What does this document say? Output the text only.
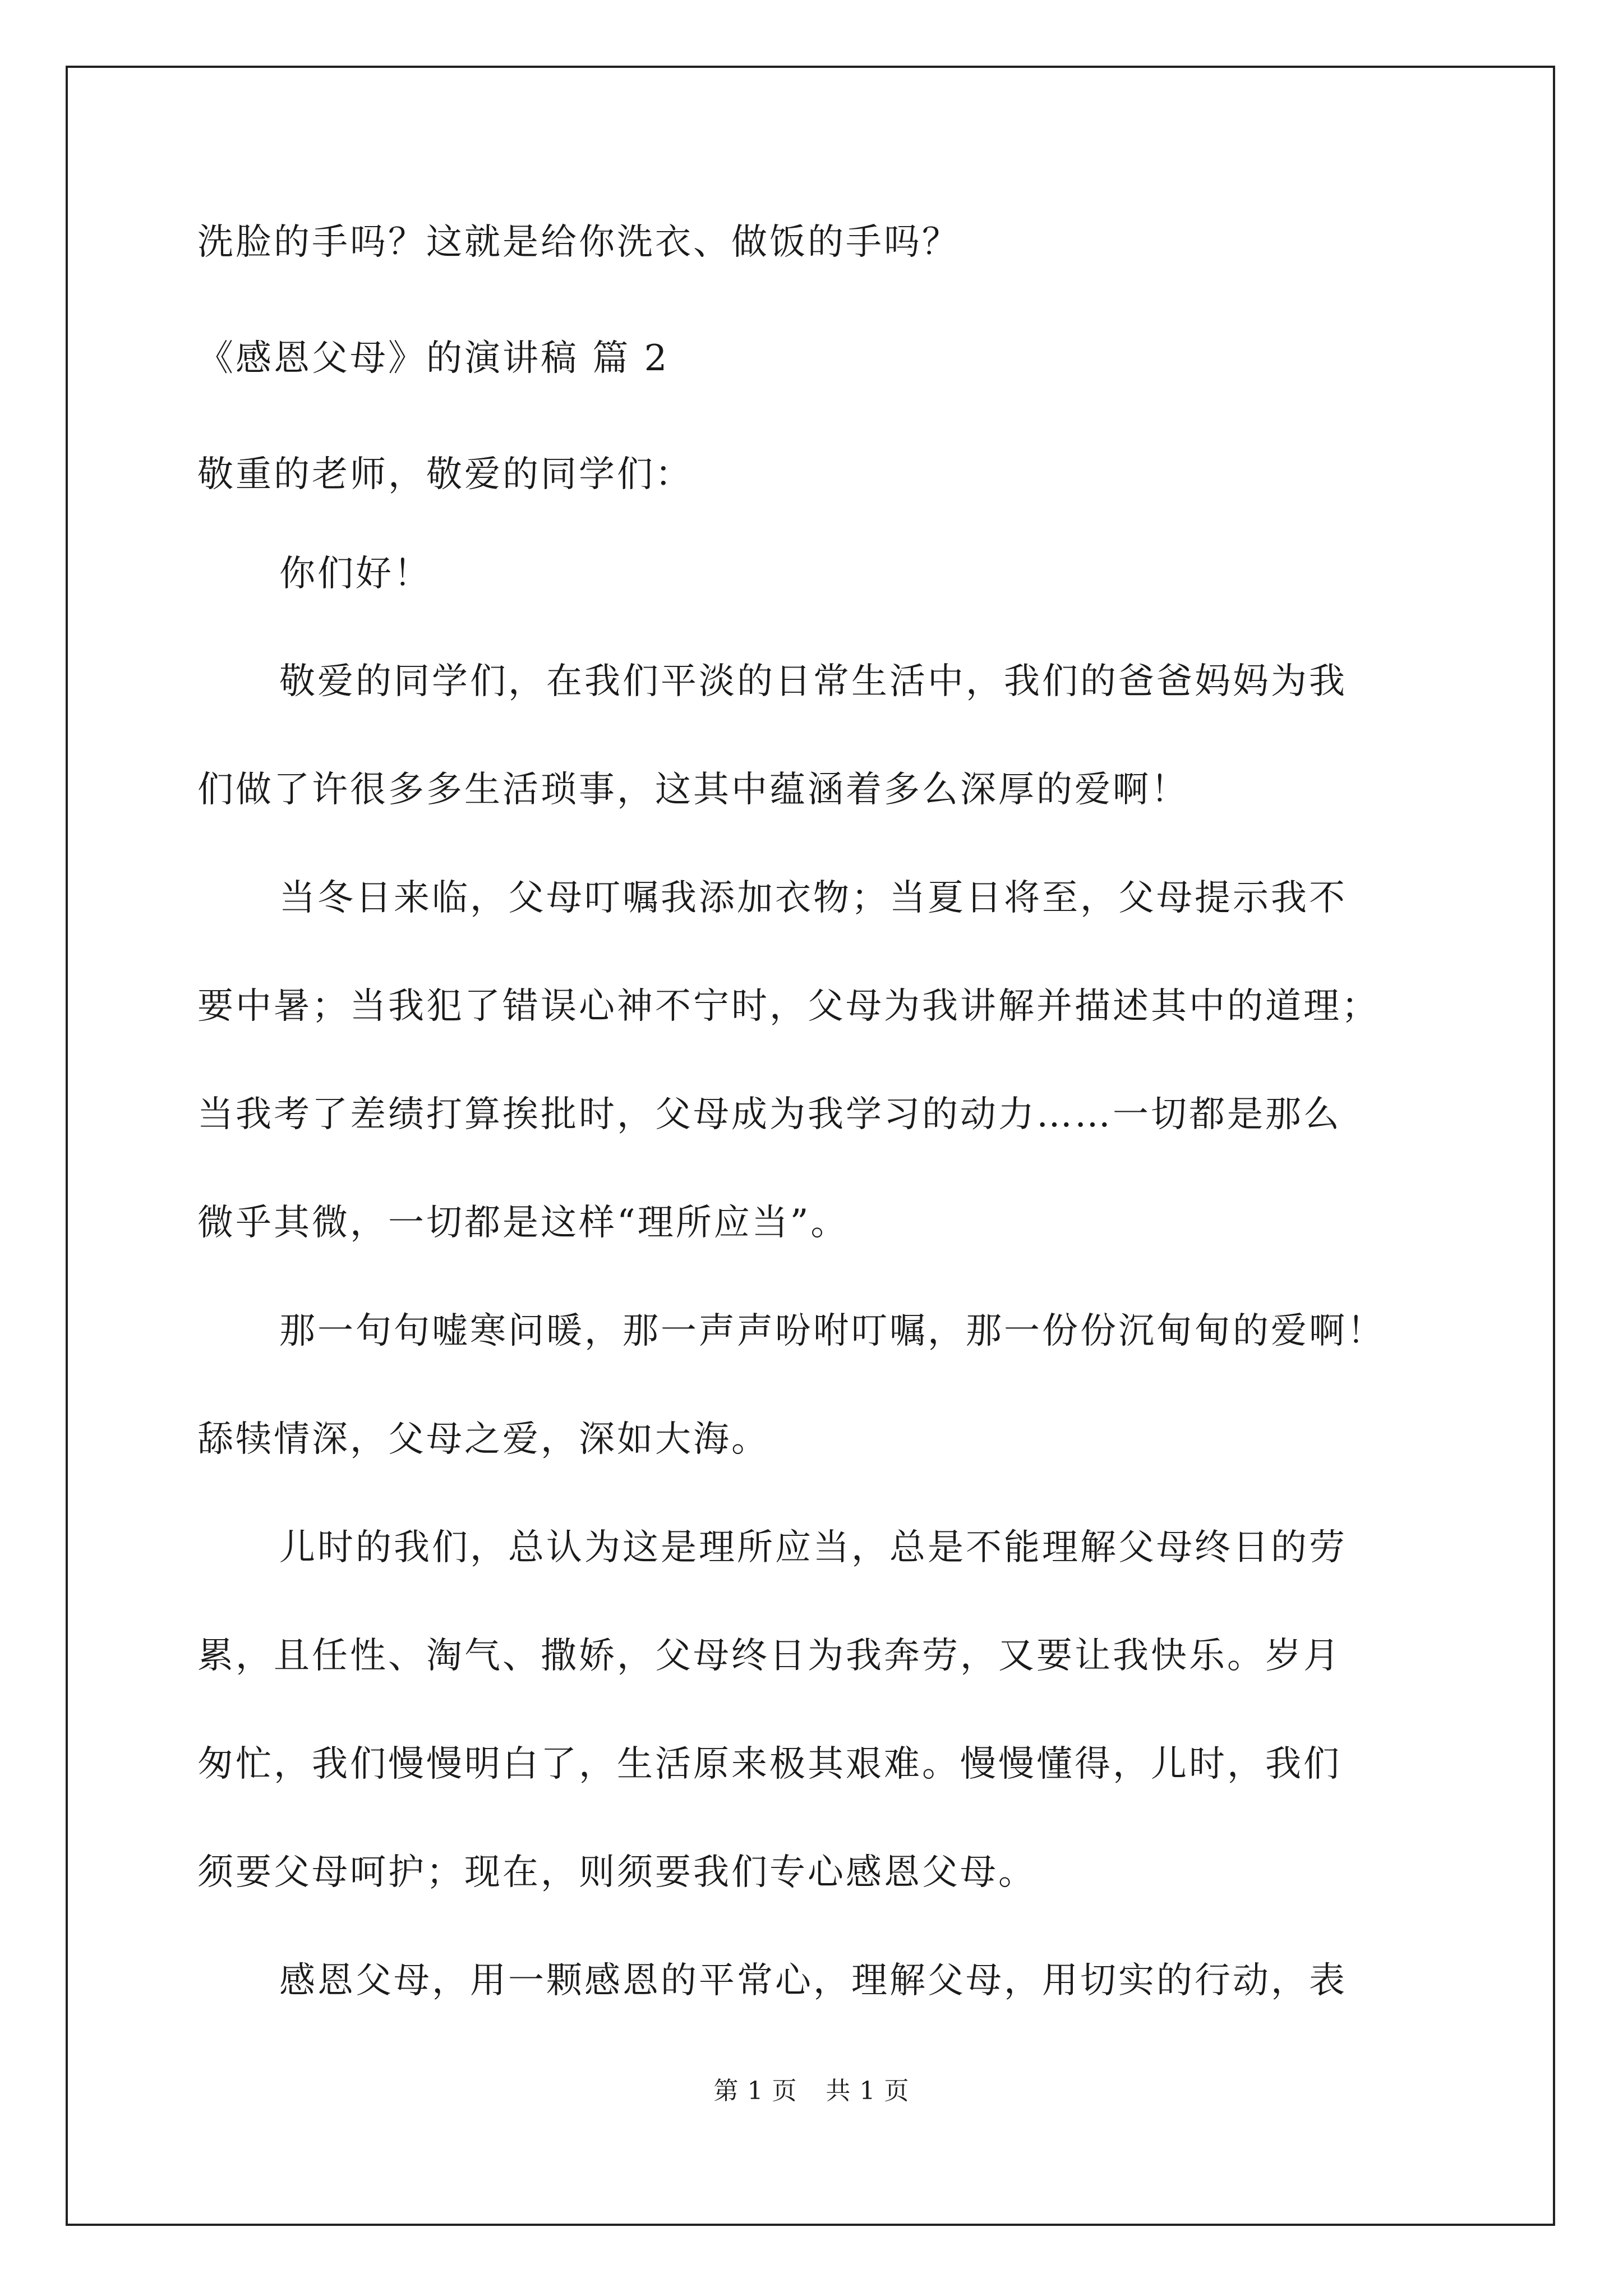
洗脸的手吗？这就是给你洗衣、做饭的手吗？
《感恩父母》的演讲稿 篇 2
敬重的老师，敬爱的同学们：
你们好！
敬爱的同学们，在我们平淡的日常生活中，我们的爸爸妈妈为我
们做了许很多多生活琐事，这其中蕴涵着多么深厚的爱啊！
当冬日来临，父母叮嘱我添加衣物；当夏日将至，父母提示我不
要中暑；当我犯了错误心神不宁时，父母为我讲解并描述其中的道理；
当我考了差绩打算挨批时，父母成为我学习的动力……一切都是那么
微乎其微，一切都是这样“理所应当”。
那一句句嘘寒问暖，那一声声吩咐叮嘱，那一份份沉甸甸的爱啊！
舔犊情深，父母之爱，深如大海。
儿时的我们，总认为这是理所应当，总是不能理解父母终日的劳
累，且任性、淘气、撒娇，父母终日为我奔劳，又要让我快乐。岁月
匆忙，我们慢慢明白了，生活原来极其艰难。慢慢懂得，儿时，我们
须要父母呵护；现在，则须要我们专心感恩父母。
感恩父母，用一颗感恩的平常心，理解父母，用切实的行动，表
第 1 页 共 1 页
